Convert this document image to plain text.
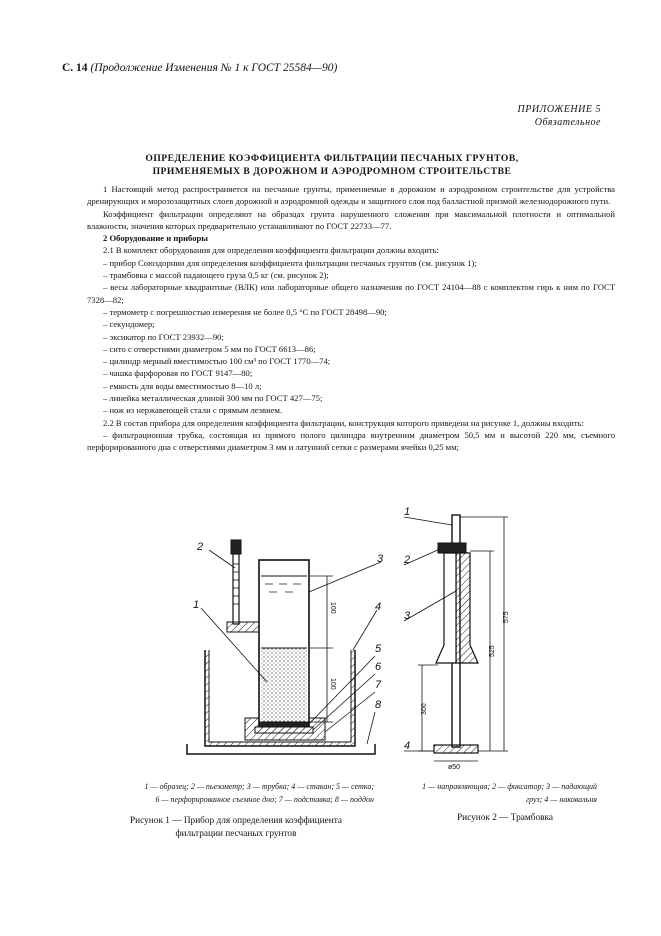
С. 14 (Продолжение Изменения № 1 к ГОСТ 25584—90)
ПРИЛОЖЕНИЕ 5
Обязательное
ОПРЕДЕЛЕНИЕ КОЭФФИЦИЕНТА ФИЛЬТРАЦИИ ПЕСЧАНЫХ ГРУНТОВ,
ПРИМЕНЯЕМЫХ В ДОРОЖНОМ И АЭРОДРОМНОМ СТРОИТЕЛЬСТВЕ

1 Настоящий метод распространяется на песчаные грунты, применяемые в дорожном и аэродромном строительстве для устройства дренирующих и морозозащитных слоев дорожной и аэродромной одежды и защитного слоя под балластной призмой железнодорожного пути.

Коэффициент фильтрации определяют на образцах грунта нарушенного сложения при максимальной плотности и оптимальной влажности, значения которых предварительно устанавливают по ГОСТ 22733—77.

2 Оборудование и приборы

2.1 В комплект оборудования для определения коэффициента фильтрации должны входить:

– прибор Союздорнии для определения коэффициента фильтрации песчаных грунтов (см. рисунок 1);

– трамбовка с массой падающего груза 0,5 кг (см. рисунок 2);

– весы лабораторные квадрантные (ВЛК) или лабораторные общего назначения по ГОСТ 24104—88 с комплектом гирь к ним по ГОСТ 7328—82;

– термометр с погрешностью измерения не более 0,5 °С по ГОСТ 28498—90;

– секундомер;

– эксикатор по ГОСТ 23932—90;

– сито с отверстиями диаметром 5 мм по ГОСТ 6613—86;

– цилиндр мерный вместимостью 100 см³ по ГОСТ 1770—74;

– чашка фарфоровая по ГОСТ 9147—80;

– емкость для воды вместимостью 8—10 л;

– линейка металлическая длиной 300 мм по ГОСТ 427—75;

– нож из нержавеющей стали с прямым лезвием.

2.2 В состав прибора для определения коэффициента фильтрации, конструкция которого приведена на рисунке 1, должны входить:

– фильтрационная трубка, состоящая из прямого полого цилиндра внутренним диаметром 50,5 мм и высотой 220 мм, съемного перфорированного дна с отверстиями диаметром 3 мм и латунной сетки с размерами ячейки 0,25 мм;

1
2
3
4
5
6
7
8
100
100
1
2
3
4
575
525
300
ø50
1 — образец; 2 — пьезометр; 3 — трубка; 4 — стакан; 5 — сетка;
6 — перфорированное съемное дно; 7 — подставка; 8 — поддон
1 — направляющая; 2 — фиксатор; 3 — падающий
груз; 4 — наковальня
Рисунок 1 — Прибор для определения коэффициента
фильтрации песчаных грунтов
Рисунок 2 — Трамбовка
